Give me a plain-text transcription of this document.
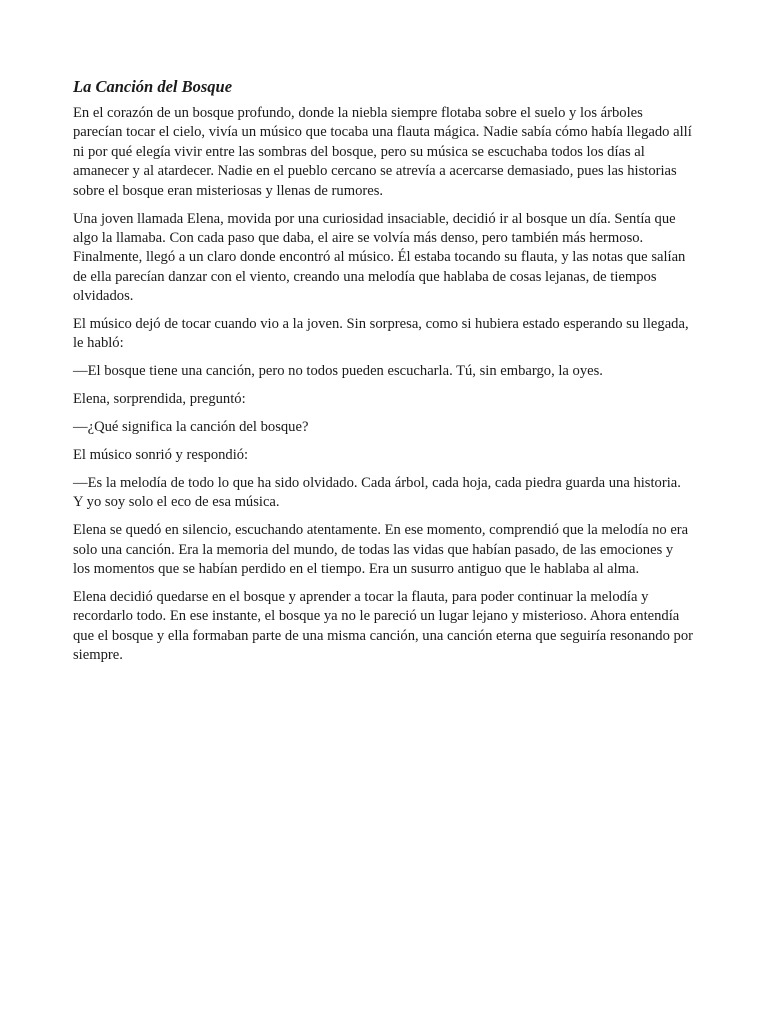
La Canción del Bosque

En el corazón de un bosque profundo, donde la niebla siempre flotaba sobre el suelo y los árboles parecían tocar el cielo, vivía un músico que tocaba una flauta mágica. Nadie sabía cómo había llegado allí ni por qué elegía vivir entre las sombras del bosque, pero su música se escuchaba todos los días al amanecer y al atardecer. Nadie en el pueblo cercano se atrevía a acercarse demasiado, pues las historias sobre el bosque eran misteriosas y llenas de rumores.

Una joven llamada Elena, movida por una curiosidad insaciable, decidió ir al bosque un día. Sentía que algo la llamaba. Con cada paso que daba, el aire se volvía más denso, pero también más hermoso. Finalmente, llegó a un claro donde encontró al músico. Él estaba tocando su flauta, y las notas que salían de ella parecían danzar con el viento, creando una melodía que hablaba de cosas lejanas, de tiempos olvidados.

El músico dejó de tocar cuando vio a la joven. Sin sorpresa, como si hubiera estado esperando su llegada, le habló:

—El bosque tiene una canción, pero no todos pueden escucharla. Tú, sin embargo, la oyes.

Elena, sorprendida, preguntó:

—¿Qué significa la canción del bosque?

El músico sonrió y respondió:

—Es la melodía de todo lo que ha sido olvidado. Cada árbol, cada hoja, cada piedra guarda una historia. Y yo soy solo el eco de esa música.

Elena se quedó en silencio, escuchando atentamente. En ese momento, comprendió que la melodía no era solo una canción. Era la memoria del mundo, de todas las vidas que habían pasado, de las emociones y los momentos que se habían perdido en el tiempo. Era un susurro antiguo que le hablaba al alma.

Elena decidió quedarse en el bosque y aprender a tocar la flauta, para poder continuar la melodía y recordarlo todo. En ese instante, el bosque ya no le pareció un lugar lejano y misterioso. Ahora entendía que el bosque y ella formaban parte de una misma canción, una canción eterna que seguiría resonando por siempre.
